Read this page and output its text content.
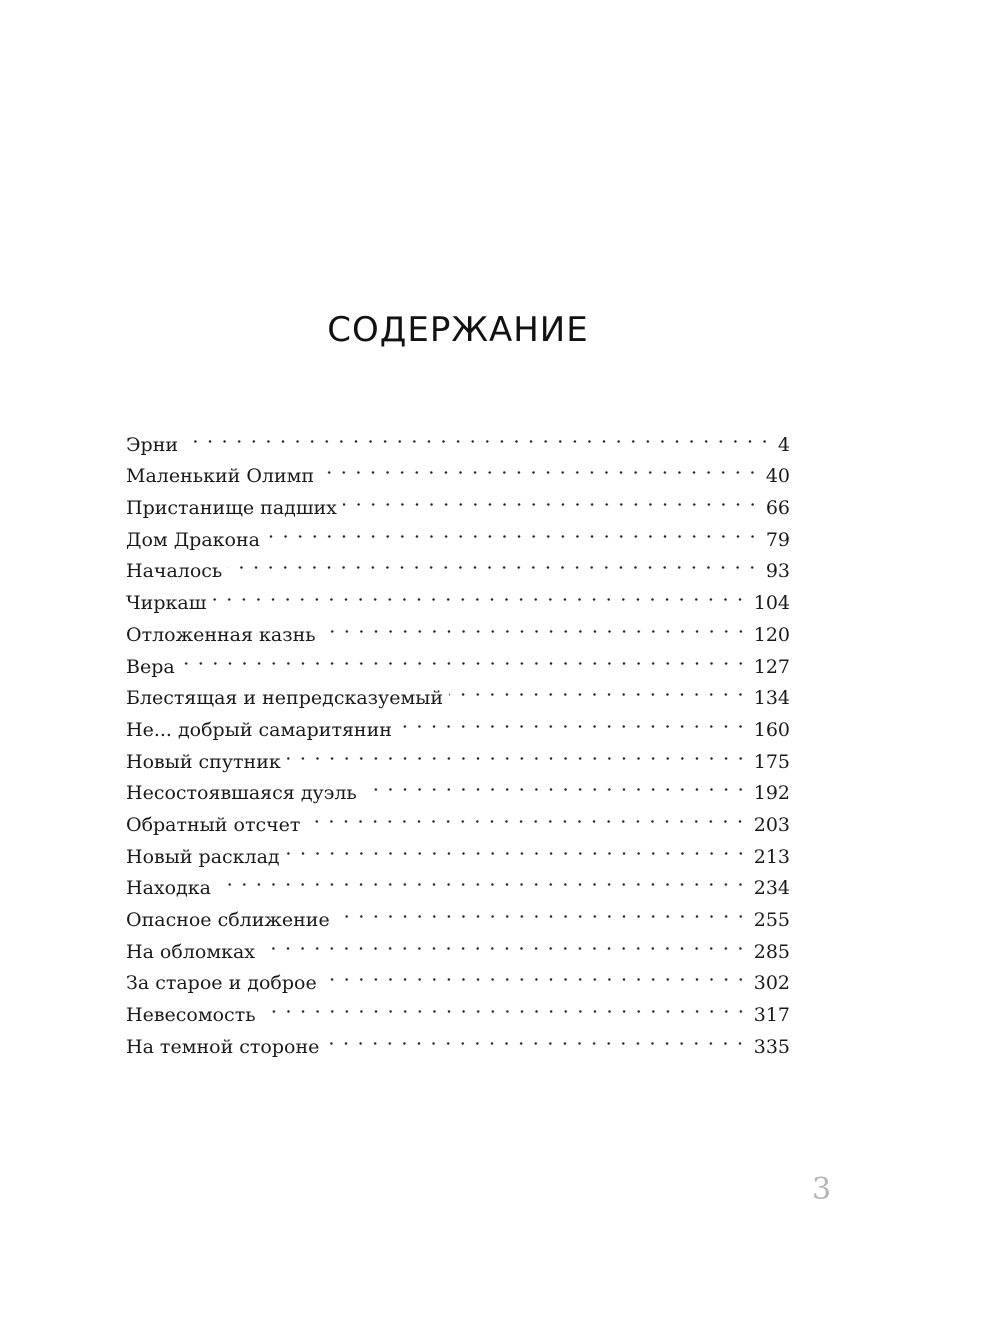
СОДЕРЖАНИЕ
Эрни	4
Маленький Олимп	40
Пристанище падших	66
Дом Дракона	79
Началось	93
Чиркаш	104
Отложенная казнь	120
Вера	127
Блестящая и непредсказуемый	134
Не... добрый самаритянин	160
Новый спутник	175
Несостоявшаяся дуэль	192
Обратный отсчет	203
Новый расклад	213
Находка	234
Опасное сближение	255
На обломках	285
За старое и доброе	302
Невесомость	317
На темной стороне	335
3
